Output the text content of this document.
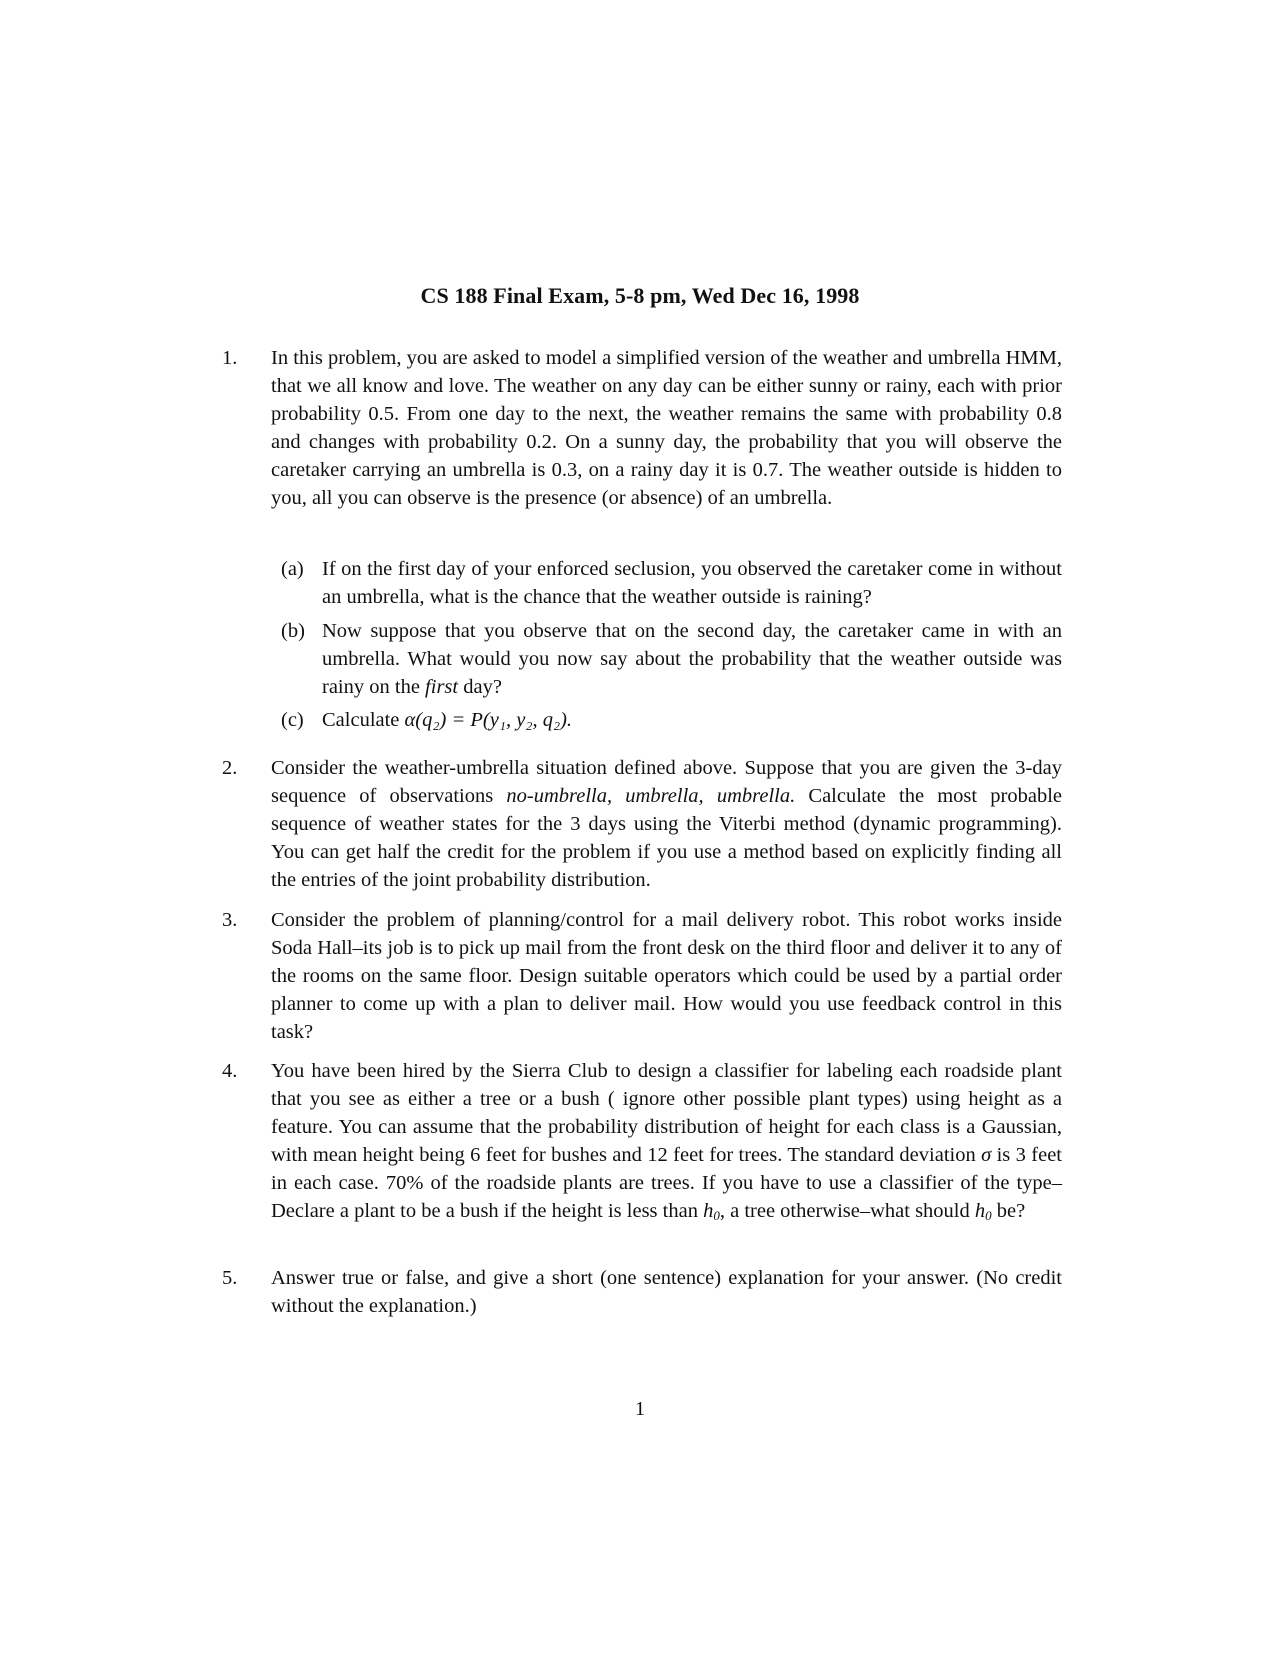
CS 188 Final Exam, 5-8 pm, Wed Dec 16, 1998
1. In this problem, you are asked to model a simplified version of the weather and umbrella HMM, that we all know and love. The weather on any day can be either sunny or rainy, each with prior probability 0.5. From one day to the next, the weather remains the same with probability 0.8 and changes with probability 0.2. On a sunny day, the probability that you will observe the caretaker carrying an umbrella is 0.3, on a rainy day it is 0.7. The weather outside is hidden to you, all you can observe is the presence (or absence) of an umbrella.
(a) If on the first day of your enforced seclusion, you observed the caretaker come in without an umbrella, what is the chance that the weather outside is raining?
(b) Now suppose that you observe that on the second day, the caretaker came in with an umbrella. What would you now say about the probability that the weather outside was rainy on the first day?
(c) Calculate α(q₂) = P(y₁, y₂, q₂).
2. Consider the weather-umbrella situation defined above. Suppose that you are given the 3-day sequence of observations no-umbrella, umbrella, umbrella. Calculate the most probable sequence of weather states for the 3 days using the Viterbi method (dynamic programming). You can get half the credit for the problem if you use a method based on explicitly finding all the entries of the joint probability distribution.
3. Consider the problem of planning/control for a mail delivery robot. This robot works inside Soda Hall–its job is to pick up mail from the front desk on the third floor and deliver it to any of the rooms on the same floor. Design suitable operators which could be used by a partial order planner to come up with a plan to deliver mail. How would you use feedback control in this task?
4. You have been hired by the Sierra Club to design a classifier for labeling each roadside plant that you see as either a tree or a bush ( ignore other possible plant types) using height as a feature. You can assume that the probability distribution of height for each class is a Gaussian, with mean height being 6 feet for bushes and 12 feet for trees. The standard deviation σ is 3 feet in each case. 70% of the roadside plants are trees. If you have to use a classifier of the type–Declare a plant to be a bush if the height is less than $h_0$, a tree otherwise–what should $h_0$ be?
5. Answer true or false, and give a short (one sentence) explanation for your answer. (No credit without the explanation.)
1
